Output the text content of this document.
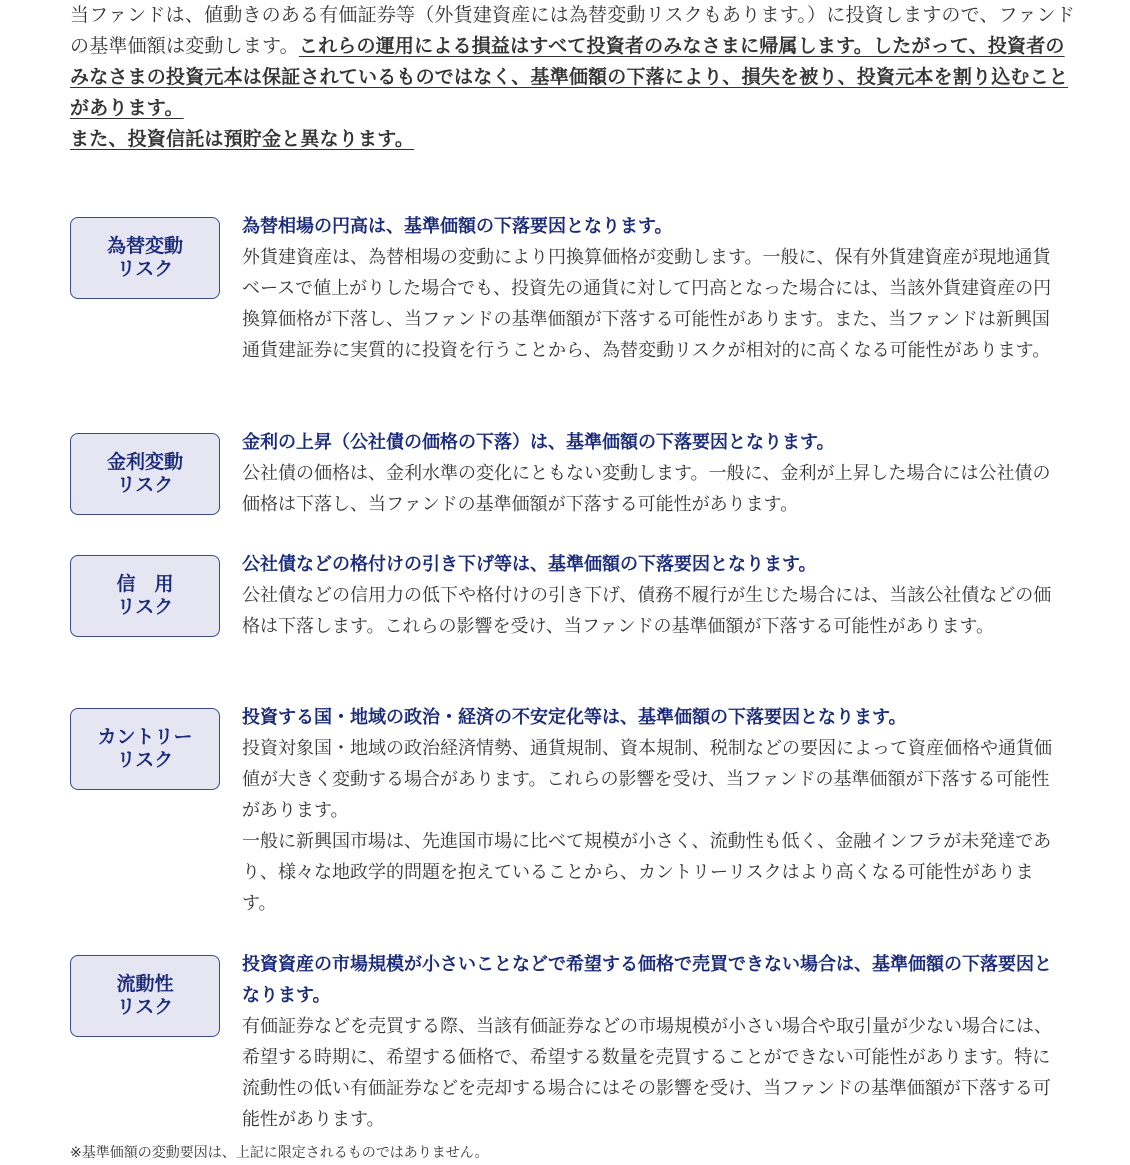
当ファンドは、値動きのある有価証券等（外貨建資産には為替変動リスクもあります。）に投資しますので、ファンドの基準価額は変動します。これらの運用による損益はすべて投資者のみなさまに帰属します。したがって、投資者のみなさまの投資元本は保証されているものではなく、基準価額の下落により、損失を被り、投資元本を割り込むことがあります。
また、投資信託は預貯金と異なります。
為替変動
リスク
為替相場の円高は、基準価額の下落要因となります。
外貨建資産は、為替相場の変動により円換算価格が変動します。一般に、保有外貨建資産が現地通貨ベースで値上がりした場合でも、投資先の通貨に対して円高となった場合には、当該外貨建資産の円換算価格が下落し、当ファンドの基準価額が下落する可能性があります。また、当ファンドは新興国通貨建証券に実質的に投資を行うことから、為替変動リスクが相対的に高くなる可能性があります。
金利変動
リスク
金利の上昇（公社債の価格の下落）は、基準価額の下落要因となります。
公社債の価格は、金利水準の変化にともない変動します。一般に、金利が上昇した場合には公社債の価格は下落し、当ファンドの基準価額が下落する可能性があります。
信　用
リスク
公社債などの格付けの引き下げ等は、基準価額の下落要因となります。
公社債などの信用力の低下や格付けの引き下げ、債務不履行が生じた場合には、当該公社債などの価格は下落します。これらの影響を受け、当ファンドの基準価額が下落する可能性があります。
カントリー
リスク
投資する国・地域の政治・経済の不安定化等は、基準価額の下落要因となります。
投資対象国・地域の政治経済情勢、通貨規制、資本規制、税制などの要因によって資産価格や通貨価値が大きく変動する場合があります。これらの影響を受け、当ファンドの基準価額が下落する可能性があります。
一般に新興国市場は、先進国市場に比べて規模が小さく、流動性も低く、金融インフラが未発達であり、様々な地政学的問題を抱えていることから、カントリーリスクはより高くなる可能性があります。
流動性
リスク
投資資産の市場規模が小さいことなどで希望する価格で売買できない場合は、基準価額の下落要因となります。
有価証券などを売買する際、当該有価証券などの市場規模が小さい場合や取引量が少ない場合には、希望する時期に、希望する価格で、希望する数量を売買することができない可能性があります。特に流動性の低い有価証券などを売却する場合にはその影響を受け、当ファンドの基準価額が下落する可能性があります。
※基準価額の変動要因は、上記に限定されるものではありません。
